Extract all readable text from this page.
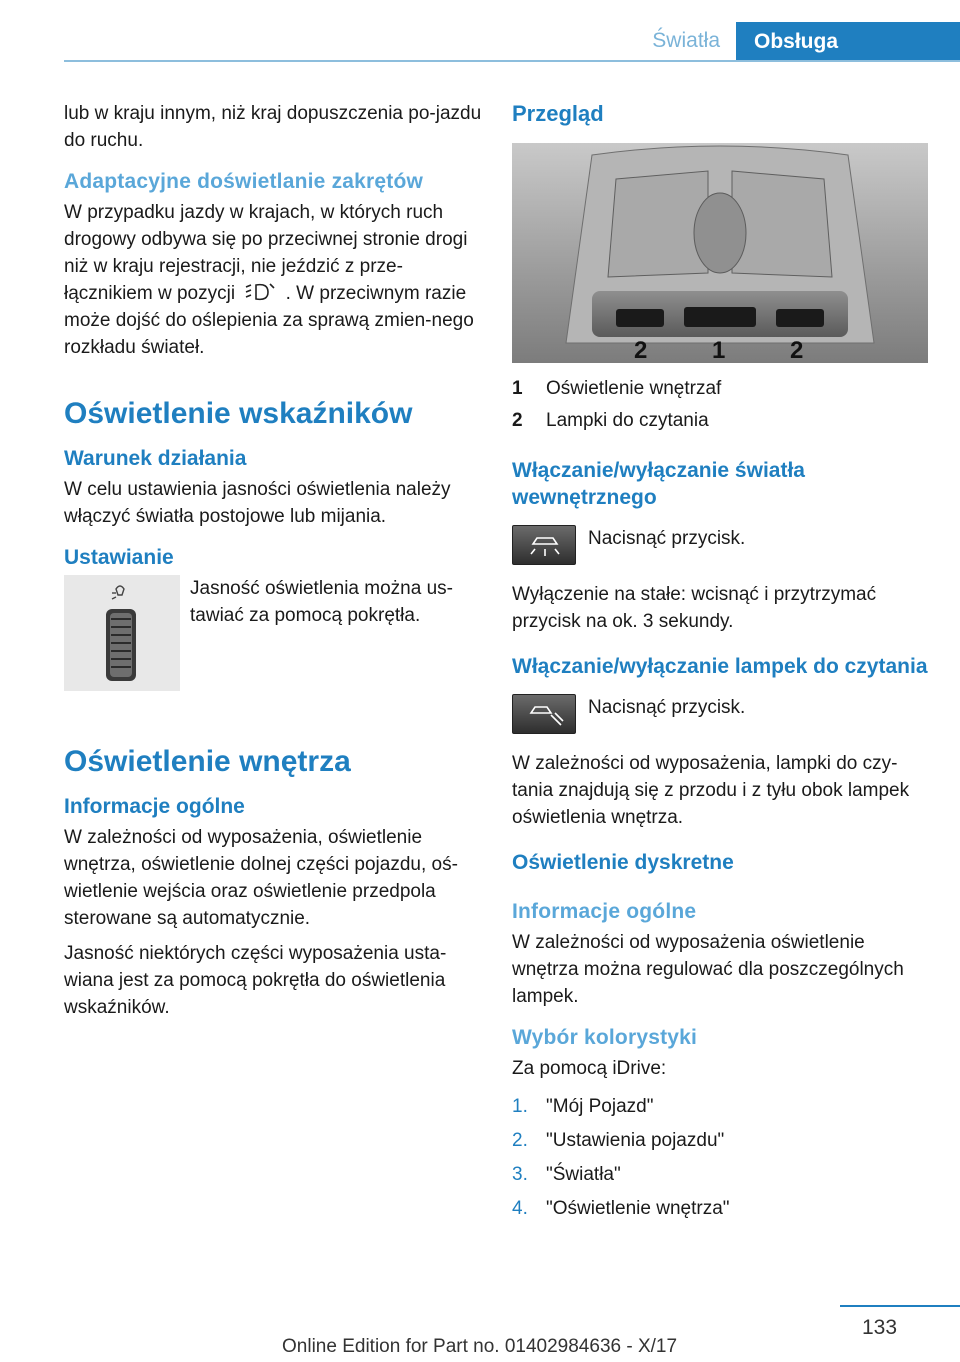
Światła	Obsługa

lub w kraju innym, niż kraj dopuszczenia po-jazdu do ruchu.

Adaptacyjne doświetlanie zakrętów

W przypadku jazdy w krajach, w których ruch drogowy odbywa się po przeciwnej stronie drogi niż w kraju rejestracji, nie jeździć z prze-łącznikiem w pozycji	. W przeciwnym razie może dojść do oślepienia za sprawą zmien-nego rozkładu świateł.

Oświetlenie wskaźników
Warunek działania

W celu ustawienia jasności oświetlenia należy włączyć światła postojowe lub mijania.

Ustawianie

Jasność oświetlenia można us-tawiać za pomocą pokrętła.

Oświetlenie wnętrza
Informacje ogólne

W zależności od wyposażenia, oświetlenie wnętrza, oświetlenie dolnej części pojazdu, oś-wietlenie wejścia oraz oświetlenie przedpola sterowane są automatycznie.

Jasność niektórych części wyposażenia usta-wiana jest za pomocą pokrętła do oświetlenia wskaźników.

Przegląd
2	1	2
1	Oświetlenie wnętrzaf
2	Lampki do czytania
Włączanie/wyłączanie światła wewnętrznego

Nacisnąć przycisk.

Wyłączenie na stałe: wcisnąć i przytrzymać przycisk na ok. 3 sekundy.

Włączanie/wyłączanie lampek do czytania

Nacisnąć przycisk.

W zależności od wyposażenia, lampki do czy-tania znajdują się z przodu i z tyłu obok lampek oświetlenia wnętrza.

Oświetlenie dyskretne
Informacje ogólne

W zależności od wyposażenia oświetlenie wnętrza można regulować dla poszczególnych lampek.

Wybór kolorystyki

Za pomocą iDrive:

1. "Mój Pojazd"
2. "Ustawienia pojazdu"
3. "Światła"
4. "Oświetlenie wnętrza"
133
Online Edition for Part no. 01402984636 - X/17
